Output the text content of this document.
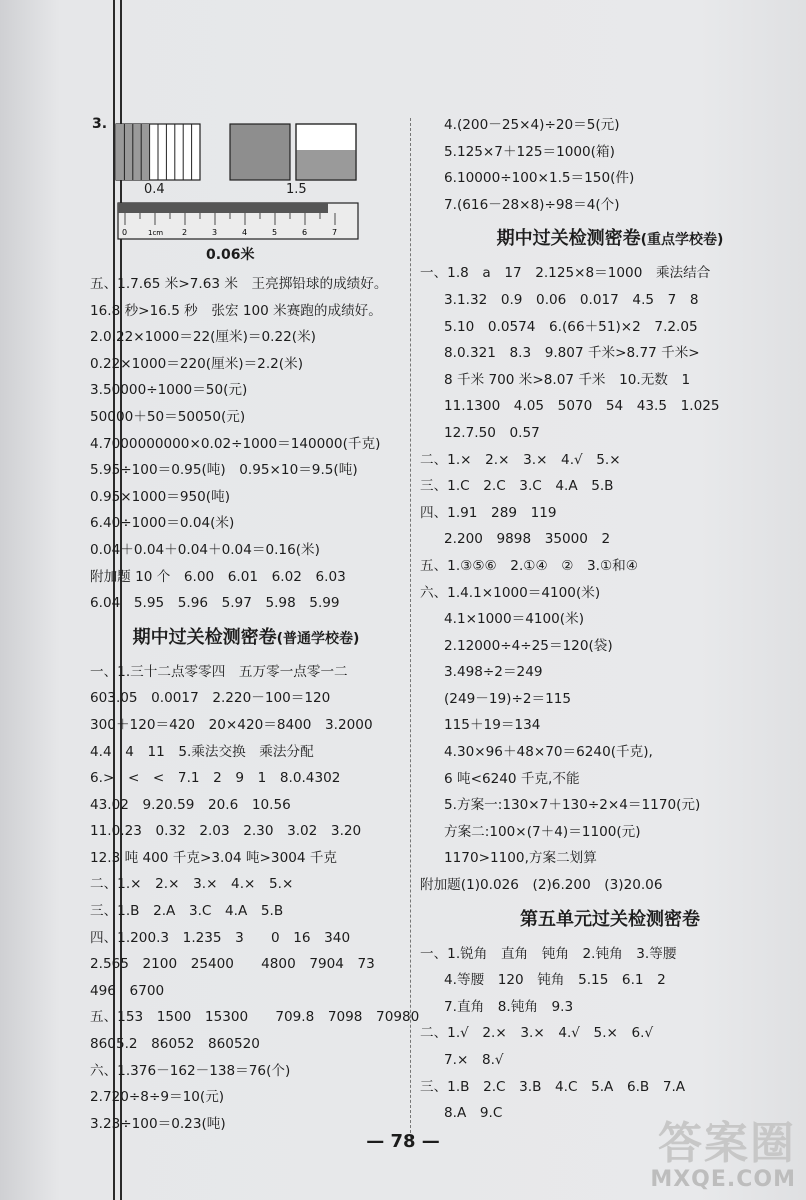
3.
0	1cm 2	3	4	5	6	7
0.4	1.5
0.06米
五、1.7.65 米>7.63 米　王亮掷铅球的成绩好。
16.8 秒>16.5 秒　张宏 100 米赛跑的成绩好。
2.0.22×1000＝22(厘米)＝0.22(米)
0.22×1000＝220(厘米)＝2.2(米)
3.50000÷1000＝50(元)
50000＋50＝50050(元)
4.7000000000×0.02÷1000＝140000(千克)
5.95÷100＝0.95(吨)　0.95×10＝9.5(吨)
0.95×1000＝950(吨)
6.40÷1000＝0.04(米)
0.04＋0.04＋0.04＋0.04＝0.16(米)
附加题 10 个　6.00　6.01　6.02　6.03
6.04　5.95　5.96　5.97　5.98　5.99
期中过关检测密卷(普通学校卷)
一、1.三十二点零零四　五万零一点零一二
603.05　0.0017　2.220－100＝120
300＋120＝420　20×420＝8400　3.2000
4.4　4　11　5.乘法交换　乘法分配
6.>　<　<　7.1　2　9　1　8.0.4302
43.02　9.20.59　20.6　10.56
11.0.23　0.32　2.03　2.30　3.02　3.20
12.3 吨 400 千克>3.04 吨>3004 千克
二、1.×　2.×　3.×　4.×　5.×
三、1.B　2.A　3.C　4.A　5.B
四、1.200.3　1.235　3　　0　16　340
2.565　2100　25400　　4800　7904　73
496　6700
五、153　1500　15300　　709.8　7098　70980
8605.2　86052　860520
六、1.376－162－138＝76(个)
2.720÷8÷9＝10(元)
3.23÷100＝0.23(吨)
4.(200－25×4)÷20＝5(元)
5.125×7＋125＝1000(箱)
6.10000÷100×1.5＝150(件)
7.(616－28×8)÷98＝4(个)
期中过关检测密卷(重点学校卷)
一、1.8　a　17　2.125×8＝1000　乘法结合
3.1.32　0.9　0.06　0.017　4.5　7　8
5.10　0.0574　6.(66＋51)×2　7.2.05
8.0.321　8.3　9.807 千米>8.77 千米>
8 千米 700 米>8.07 千米　10.无数　1
11.1300　4.05　5070　54　43.5　1.025
12.7.50　0.57
二、1.×　2.×　3.×　4.√　5.×
三、1.C　2.C　3.C　4.A　5.B
四、1.91　289　119
2.200　9898　35000　2
五、1.③⑤⑥　2.①④　②　3.①和④
六、1.4.1×1000＝4100(米)
4.1×1000＝4100(米)
2.12000÷4÷25＝120(袋)
3.498÷2＝249
(249－19)÷2＝115
115＋19＝134
4.30×96＋48×70＝6240(千克),
6 吨<6240 千克,不能
5.方案一:130×7＋130÷2×4＝1170(元)
方案二:100×(7＋4)＝1100(元)
1170>1100,方案二划算
附加题(1)0.026　(2)6.200　(3)20.06
第五单元过关检测密卷
一、1.锐角　直角　钝角　2.钝角　3.等腰
4.等腰　120　钝角　5.15　6.1　2
7.直角　8.钝角　9.3
二、1.√　2.×　3.×　4.√　5.×　6.√
7.×　8.√
三、1.B　2.C　3.B　4.C　5.A　6.B　7.A
8.A　9.C
— 78 —	答案圈
MXQE.COM
